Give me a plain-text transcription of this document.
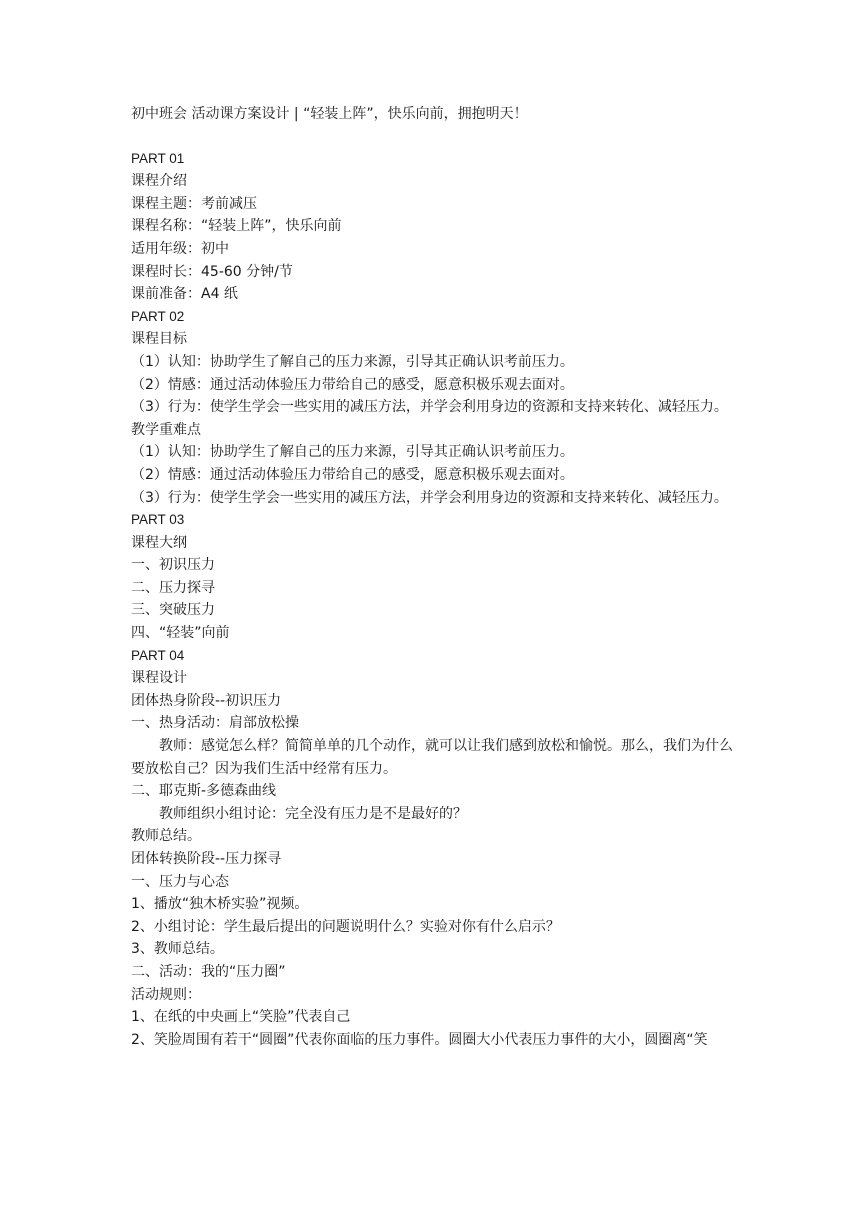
初中班会 活动课方案设计 | “轻装上阵”，快乐向前，拥抱明天！
PART 01
课程介绍
课程主题：考前减压
课程名称：“轻装上阵”，快乐向前
适用年级：初中
课程时长：45-60 分钟/节
课前准备：A4 纸
PART 02
课程目标
（1）认知：协助学生了解自己的压力来源，引导其正确认识考前压力。
（2）情感：通过活动体验压力带给自己的感受，愿意积极乐观去面对。
（3）行为：使学生学会一些实用的减压方法，并学会利用身边的资源和支持来转化、减轻压力。
教学重难点
（1）认知：协助学生了解自己的压力来源，引导其正确认识考前压力。
（2）情感：通过活动体验压力带给自己的感受，愿意积极乐观去面对。
（3）行为：使学生学会一些实用的减压方法，并学会利用身边的资源和支持来转化、减轻压力。
PART 03
课程大纲
一、初识压力
二、压力探寻
三、突破压力
四、“轻装”向前
PART 04
课程设计
团体热身阶段--初识压力
一、热身活动：肩部放松操
教师：感觉怎么样？简简单单的几个动作，就可以让我们感到放松和愉悦。那么，我们为什么要放松自己？因为我们生活中经常有压力。
二、耶克斯-多德森曲线
教师组织小组讨论：完全没有压力是不是最好的？
教师总结。
团体转换阶段--压力探寻
一、压力与心态
1、播放“独木桥实验”视频。
2、小组讨论：学生最后提出的问题说明什么？实验对你有什么启示？
3、教师总结。
二、活动：我的“压力圈”
活动规则：
1、在纸的中央画上“笑脸”代表自己
2、笑脸周围有若干“圆圈”代表你面临的压力事件。圆圈大小代表压力事件的大小，圆圈离“笑
